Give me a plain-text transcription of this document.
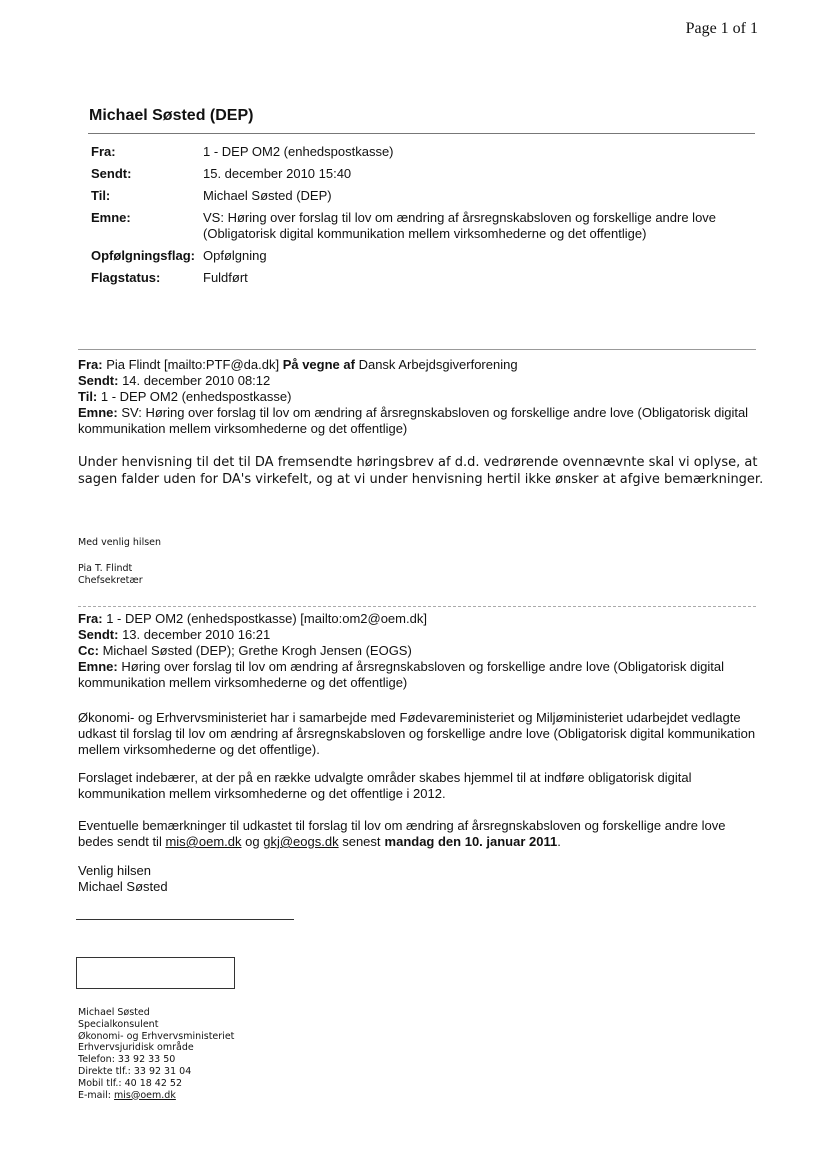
Page 1 of 1
Michael Søsted (DEP)
Fra:	1 - DEP OM2 (enhedspostkasse)
Sendt:	15. december 2010 15:40
Til:	Michael Søsted (DEP)
Emne:	VS: Høring over forslag til lov om ændring af årsregnskabsloven og forskellige andre love (Obligatorisk digital kommunikation mellem virksomhederne og det offentlige)
Opfølgningsflag: Opfølgning
Flagstatus:	Fuldført
Fra: Pia Flindt [mailto:PTF@da.dk] På vegne af Dansk Arbejdsgiverforening
Sendt: 14. december 2010 08:12
Til: 1 - DEP OM2 (enhedspostkasse)
Emne: SV: Høring over forslag til lov om ændring af årsregnskabsloven og forskellige andre love (Obligatorisk digital kommunikation mellem virksomhederne og det offentlige)
Under henvisning til det til DA fremsendte høringsbrev af d.d. vedrørende ovennævnte skal vi oplyse, at sagen falder uden for DA's virkefelt, og at vi under henvisning hertil ikke ønsker at afgive bemærkninger.
Med venlig hilsen
Pia T. Flindt
Chefsekretær
Fra: 1 - DEP OM2 (enhedspostkasse) [mailto:om2@oem.dk]
Sendt: 13. december 2010 16:21
Cc: Michael Søsted (DEP); Grethe Krogh Jensen (EOGS)
Emne: Høring over forslag til lov om ændring af årsregnskabsloven og forskellige andre love (Obligatorisk digital kommunikation mellem virksomhederne og det offentlige)
Økonomi- og Erhvervsministeriet har i samarbejde med Fødevareministeriet og Miljøministeriet udarbejdet vedlagte udkast til forslag til lov om ændring af årsregnskabsloven og forskellige andre love (Obligatorisk digital kommunikation mellem virksomhederne og det offentlige).
Forslaget indebærer, at der på en række udvalgte områder skabes hjemmel til at indføre obligatorisk digital kommunikation mellem virksomhederne og det offentlige i 2012.
Eventuelle bemærkninger til udkastet til forslag til lov om ændring af årsregnskabsloven og forskellige andre love bedes sendt til mis@oem.dk og gkj@eogs.dk senest mandag den 10. januar 2011.
Venlig hilsen
Michael Søsted
Michael Søsted
Specialkonsulent
Økonomi- og Erhvervsministeriet
Erhvervsjuridisk område
Telefon: 33 92 33 50
Direkte tlf.: 33 92 31 04
Mobil tlf.: 40 18 42 52
E-mail: mis@oem.dk
